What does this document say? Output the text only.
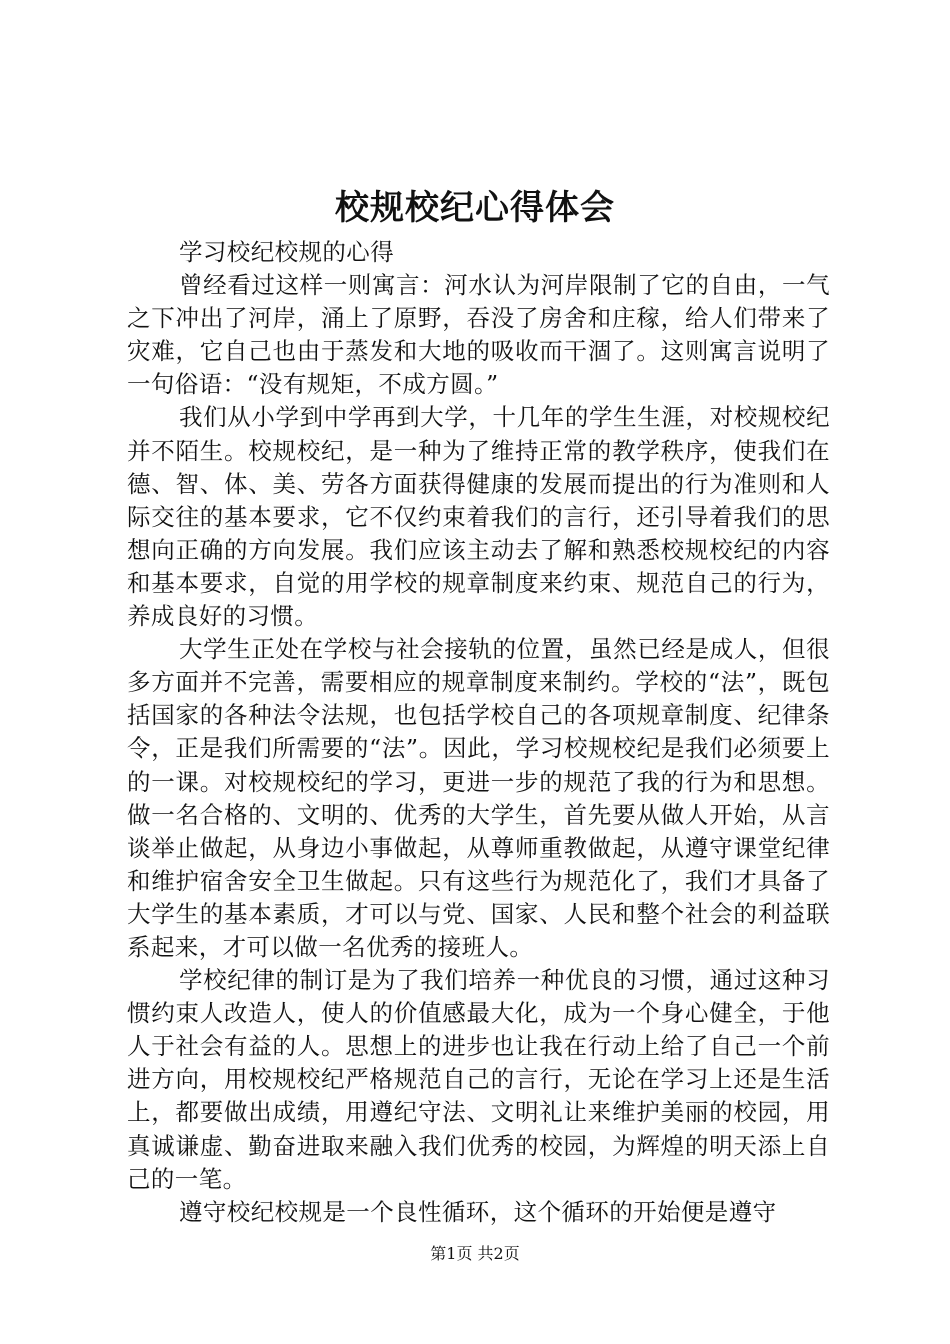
校规校纪心得体会

学习校纪校规的心得

曾经看过这样一则寓言：河水认为河岸限制了它的自由，一气之下冲出了河岸，涌上了原野，吞没了房舍和庄稼，给人们带来了灾难，它自己也由于蒸发和大地的吸收而干涸了。这则寓言说明了一句俗语：“没有规矩，不成方圆。”

我们从小学到中学再到大学，十几年的学生生涯，对校规校纪并不陌生。校规校纪，是一种为了维持正常的教学秩序，使我们在德、智、体、美、劳各方面获得健康的发展而提出的行为准则和人际交往的基本要求，它不仅约束着我们的言行，还引导着我们的思想向正确的方向发展。我们应该主动去了解和熟悉校规校纪的内容和基本要求，自觉的用学校的规章制度来约束、规范自己的行为，养成良好的习惯。

大学生正处在学校与社会接轨的位置，虽然已经是成人，但很多方面并不完善，需要相应的规章制度来制约。学校的“法”，既包括国家的各种法令法规，也包括学校自己的各项规章制度、纪律条令，正是我们所需要的“法”。因此，学习校规校纪是我们必须要上的一课。对校规校纪的学习，更进一步的规范了我的行为和思想。做一名合格的、文明的、优秀的大学生，首先要从做人开始，从言谈举止做起，从身边小事做起，从尊师重教做起，从遵守课堂纪律和维护宿舍安全卫生做起。只有这些行为规范化了，我们才具备了大学生的基本素质，才可以与党、国家、人民和整个社会的利益联系起来，才可以做一名优秀的接班人。

学校纪律的制订是为了我们培养一种优良的习惯，通过这种习惯约束人改造人，使人的价值感最大化，成为一个身心健全，于他人于社会有益的人。思想上的进步也让我在行动上给了自己一个前进方向，用校规校纪严格规范自己的言行，无论在学习上还是生活上，都要做出成绩，用遵纪守法、文明礼让来维护美丽的校园，用真诚谦虚、勤奋进取来融入我们优秀的校园，为辉煌的明天添上自己的一笔。

遵守校纪校规是一个良性循环，这个循环的开始便是遵守

第1页 共2页
